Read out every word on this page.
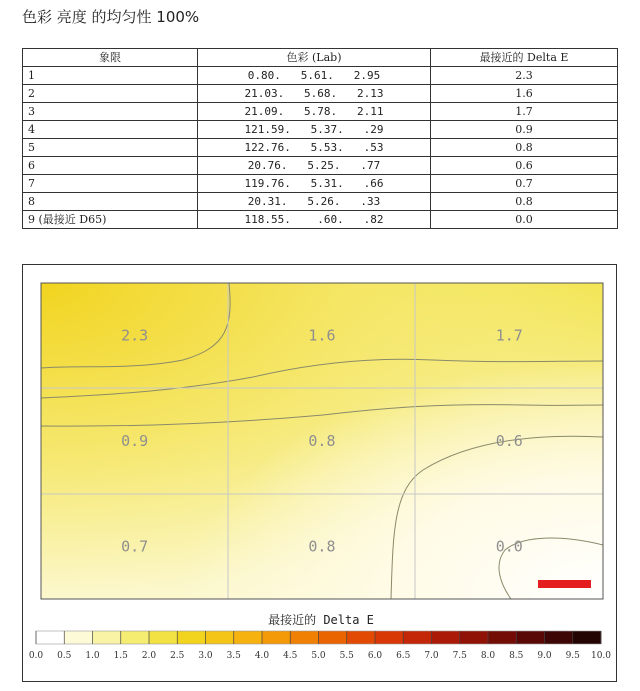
色彩 亮度 的均匀性 100%
象限	色彩 (Lab)	最接近的 Delta E
1	0.80.   5.61.   2.95	2.3
2	21.03.   5.68.   2.13	1.6
3	21.09.   5.78.   2.11	1.7
4	121.59.   5.37.   .29	0.9
5	122.76.   5.53.   .53	0.8
6	20.76.   5.25.   .77	0.6
7	119.76.   5.31.   .66	0.7
8	20.31.   5.26.   .33	0.8
9 (最接近 D65)	118.55.    .60.   .82	0.0
2.3	1.6	1.7
0.9	0.8	0.6
0.7	0.8	0.0
最接近的 Delta E
0.0 0.5 1.0 1.5 2.0 2.5 3.0 3.5 4.0 4.5 5.0 5.5 6.0 6.5 7.0 7.5 8.0 8.5 9.0 9.5 10.0
